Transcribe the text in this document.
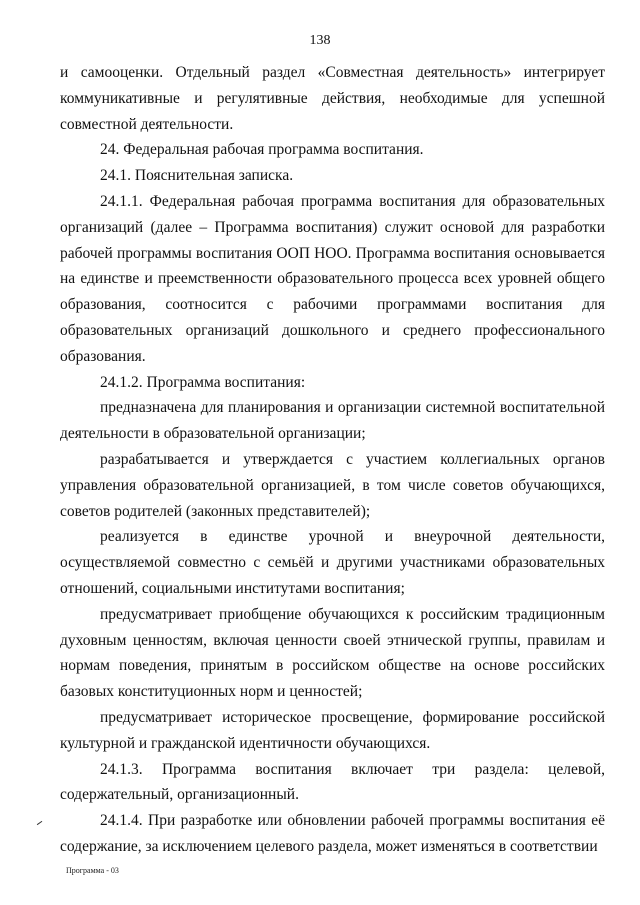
138

и самооценки. Отдельный раздел «Совместная деятельность» интегрирует коммуникативные и регулятивные действия, необходимые для успешной совместной деятельности.

24. Федеральная рабочая программа воспитания.

24.1. Пояснительная записка.

24.1.1. Федеральная рабочая программа воспитания для образовательных организаций (далее – Программа воспитания) служит основой для разработки рабочей программы воспитания ООП НОО. Программа воспитания основывается на единстве и преемственности образовательного процесса всех уровней общего образования, соотносится с рабочими программами воспитания для образовательных организаций дошкольного и среднего профессионального образования.

24.1.2. Программа воспитания:

предназначена для планирования и организации системной воспитательной деятельности в образовательной организации;

разрабатывается и утверждается с участием коллегиальных органов управления образовательной организацией, в том числе советов обучающихся, советов родителей (законных представителей);

реализуется в единстве урочной и внеурочной деятельности, осуществляемой совместно с семьёй и другими участниками образовательных отношений, социальными институтами воспитания;

предусматривает приобщение обучающихся к российским традиционным духовным ценностям, включая ценности своей этнической группы, правилам и нормам поведения, принятым в российском обществе на основе российских базовых конституционных норм и ценностей;

предусматривает историческое просвещение, формирование российской культурной и гражданской идентичности обучающихся.

24.1.3. Программа воспитания включает три раздела: целевой, содержательный, организационный.

24.1.4. При разработке или обновлении рабочей программы воспитания её содержание, за исключением целевого раздела, может изменяться в соответствии

Программа - 03
